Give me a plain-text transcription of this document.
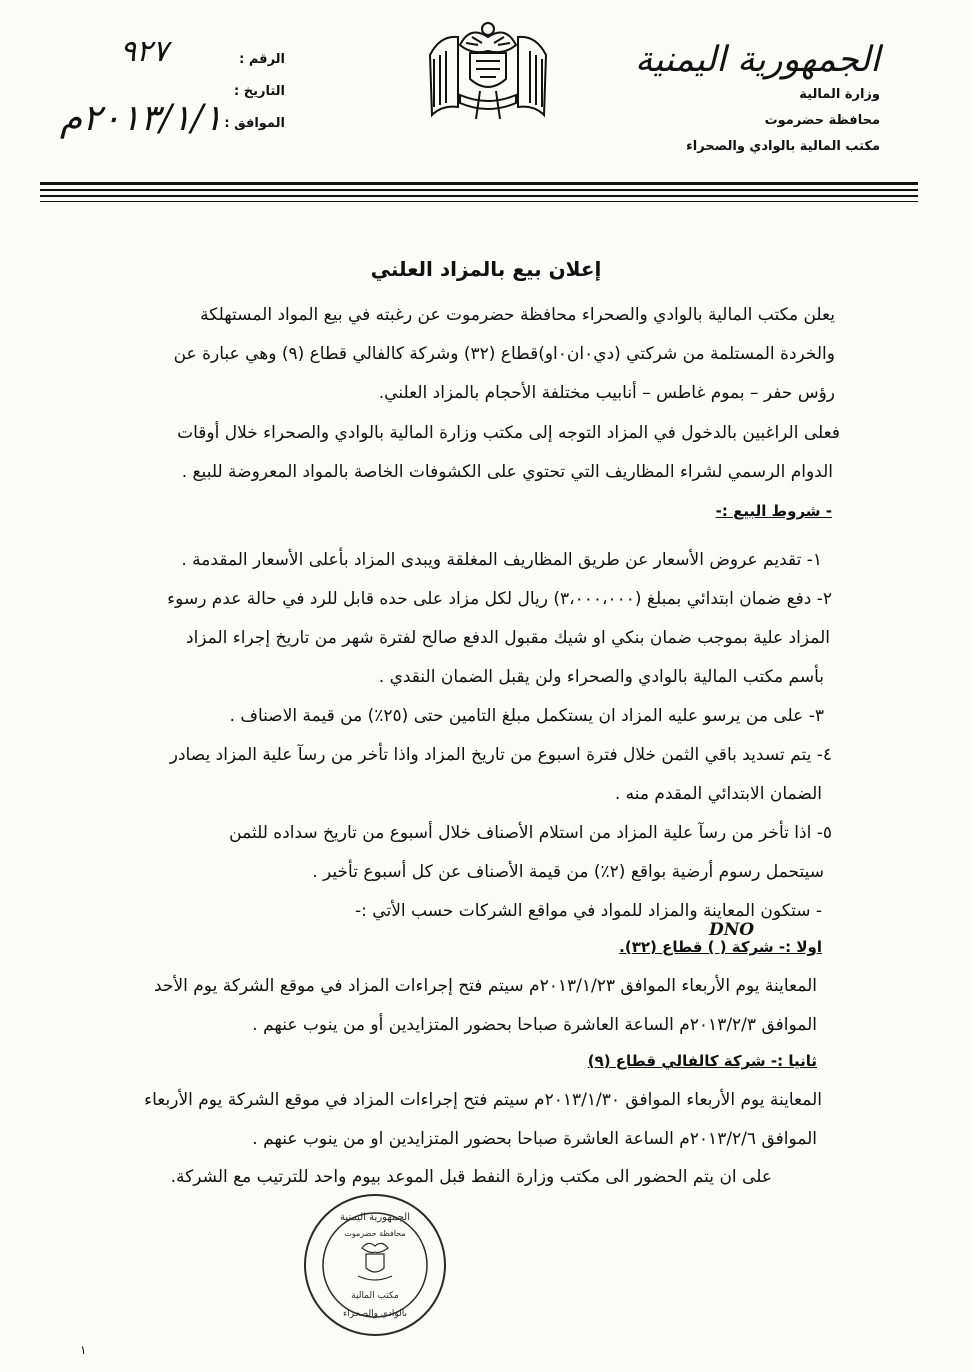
الجمهورية اليمنية

وزارة المالية

محافظة حضرموت

مكتب المالية بالوادي والصحراء

الرقم :
التاريخ :
الموافق :
٩٢٧
٢٠١٣/١/١م
إعلان بيع بالمزاد العلني
يعلن مكتب المالية بالوادي والصحراء محافظة حضرموت عن رغبته في بيع المواد المستهلكة
والخردة المستلمة من شركتي (دي٠ان٠او)قطاع (٣٢) وشركة كالفالي قطاع (٩) وهي عبارة عن
رؤس حفر – بموم غاطس – أنابيب مختلفة الأحجام بالمزاد العلني.
فعلى الراغبين بالدخول في المزاد التوجه إلى مكتب وزارة المالية بالوادي والصحراء خلال أوقات
الدوام الرسمي لشراء المظاريف التي تحتوي على الكشوفات الخاصة بالمواد المعروضة للبيع .
- شروط البيع :-
١- تقديم عروض الأسعار عن طريق المظاريف المغلقة ويبدى المزاد بأعلى الأسعار المقدمة .
٢- دفع ضمان ابتدائي بمبلغ (٣،٠٠٠،٠٠٠) ريال لكل مزاد على حده قابل للرد في حالة عدم رسوء
المزاد علية بموجب ضمان بنكي او شيك مقبول الدفع صالح لفترة شهر من تاريخ إجراء المزاد
بأسم مكتب المالية بالوادي والصحراء ولن يقبل الضمان النقدي .
٣- على من يرسو عليه المزاد ان يستكمل مبلغ التامين حتى (٢٥٪) من قيمة الاصناف .
٤- يتم تسديد باقي الثمن خلال فترة اسبوع من تاريخ المزاد واذا تأخر من رسآ علية المزاد يصادر
الضمان الابتدائي المقدم منه .
٥- اذا تأخر من رسآ علية المزاد من استلام الأصناف خلال أسبوع من تاريخ سداده للثمن
سيتحمل رسوم أرضية بواقع (٢٪) من قيمة الأصناف عن كل أسبوع تأخير .
- ستكون المعاينة والمزاد للمواد في مواقع الشركات حسب الأتي :-
DNO
اولا :- شركة ( ) قطاع (٣٢).
المعاينة يوم الأربعاء الموافق ٢٠١٣/١/٢٣م سيتم فتح إجراءات المزاد في موقع الشركة يوم الأحد
الموافق ٢٠١٣/٢/٣م الساعة العاشرة صباحا بحضور المتزايدين أو من ينوب عنهم .
ثانيا :- شركة كالفالي قطاع (٩)
المعاينة يوم الأربعاء الموافق ٢٠١٣/١/٣٠م سيتم فتح إجراءات المزاد في موقع الشركة يوم الأربعاء
الموافق ٢٠١٣/٢/٦م الساعة العاشرة صباحا بحضور المتزايدين او من ينوب عنهم .
على ان يتم الحضور الى مكتب وزارة النفط قبل الموعد بيوم واحد للترتيب مع الشركة.
الجمهورية اليمنية
محافظة حضرموت
مكتب المالية
بالوادي والصحراء
١
